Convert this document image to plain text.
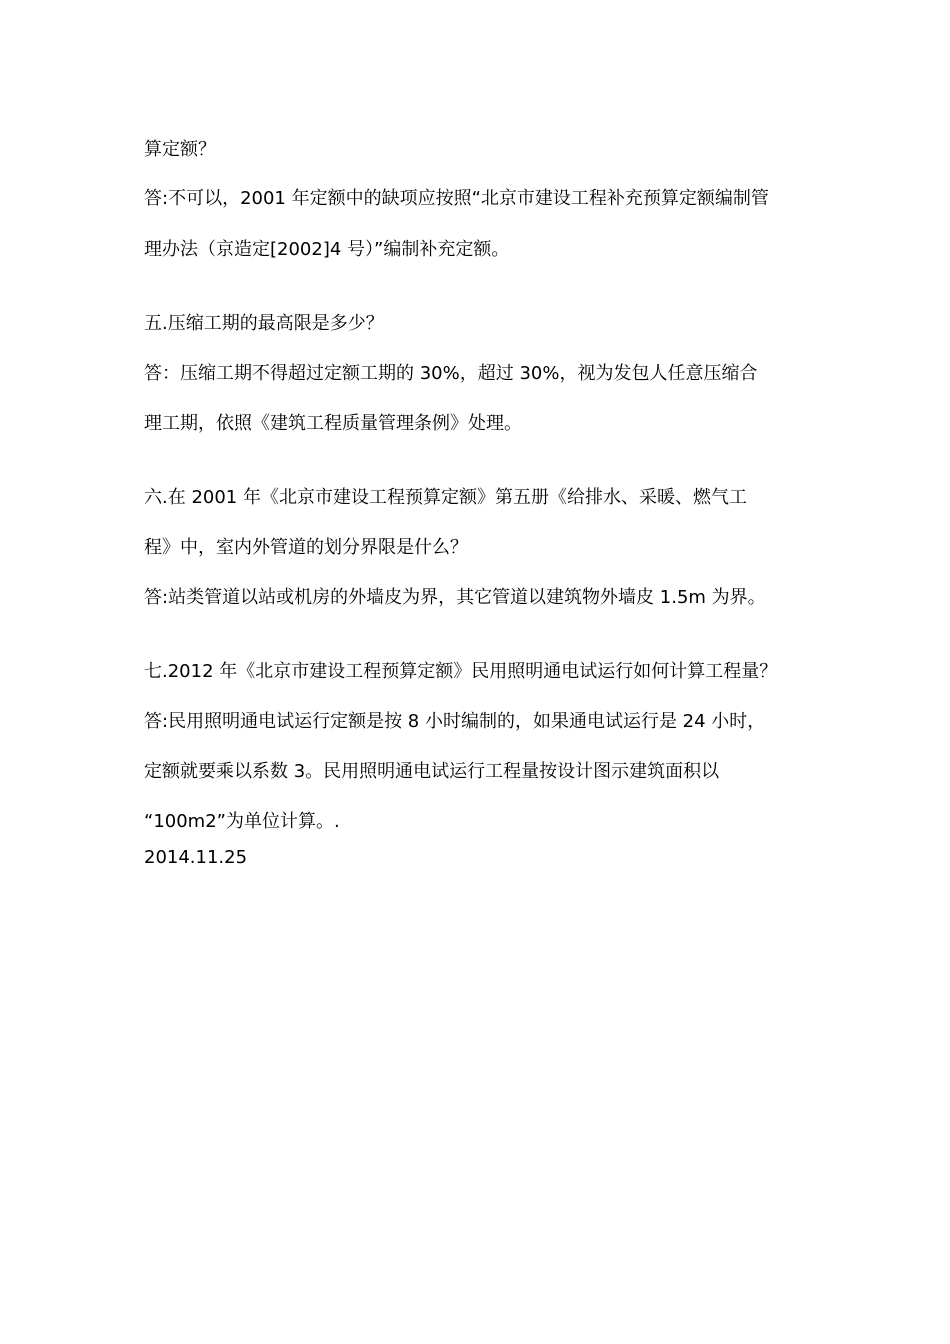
算定额？
答:不可以，2001 年定额中的缺项应按照“北京市建设工程补充预算定额编制管
理办法（京造定[2002]4 号）”编制补充定额。
五.压缩工期的最高限是多少？
答：压缩工期不得超过定额工期的 30%，超过 30%，视为发包人任意压缩合
理工期，依照《建筑工程质量管理条例》处理。
六.在 2001 年《北京市建设工程预算定额》第五册《给排水、采暖、燃气工
程》中，室内外管道的划分界限是什么？
答:站类管道以站或机房的外墙皮为界，其它管道以建筑物外墙皮 1.5m 为界。
七.2012 年《北京市建设工程预算定额》民用照明通电试运行如何计算工程量？
答:民用照明通电试运行定额是按 8 小时编制的，如果通电试运行是 24 小时，
定额就要乘以系数 3。民用照明通电试运行工程量按设计图示建筑面积以
“100m2”为单位计算。.
2014.11.25
